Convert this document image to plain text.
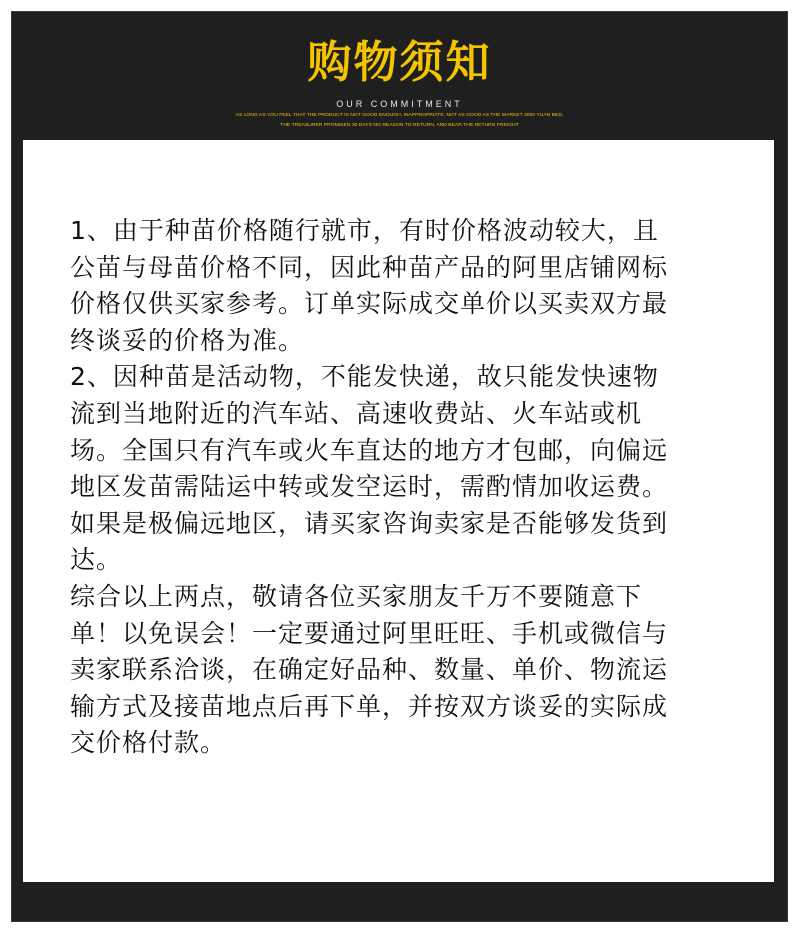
购物须知
OUR COMMITMENT
AS LONG AS YOU FEEL THAT THE PRODUCT IS NOT GOOD ENOUGH, INAPPROPRIATE, NOT AS GOOD AS THE MARKET 3000 YUAN BED,
THE TREASURER PROMISED 30 DAYS NO REASON TO RETURN, AND BEAR THE RETURN FREIGHT

1、由于种苗价格随行就市，有时价格波动较大，且

公苗与母苗价格不同，因此种苗产品的阿里店铺网标

价格仅供买家参考。订单实际成交单价以买卖双方最

终谈妥的价格为准。

2、因种苗是活动物，不能发快递，故只能发快速物

流到当地附近的汽车站、高速收费站、火车站或机

场。全国只有汽车或火车直达的地方才包邮，向偏远

地区发苗需陆运中转或发空运时，需酌情加收运费。

如果是极偏远地区，请买家咨询卖家是否能够发货到

达。

综合以上两点，敬请各位买家朋友千万不要随意下

单！以免误会！一定要通过阿里旺旺、手机或微信与

卖家联系洽谈，在确定好品种、数量、单价、物流运

输方式及接苗地点后再下单，并按双方谈妥的实际成

交价格付款。
